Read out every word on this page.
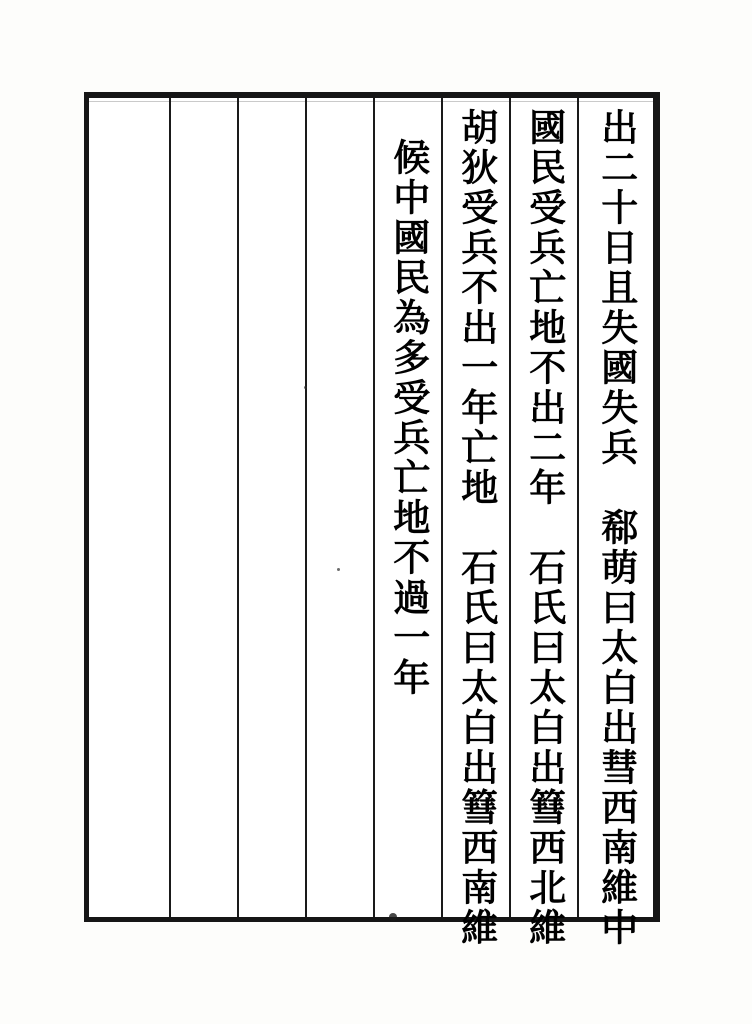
出二十日且失國失兵　郗萌曰太白出彗西南維中
國民受兵亡地不出二年　石氏曰太白出篲西北維
胡狄受兵不出一年亡地　石氏曰太白出篲西南維
候中國民為多受兵亡地不過一年
